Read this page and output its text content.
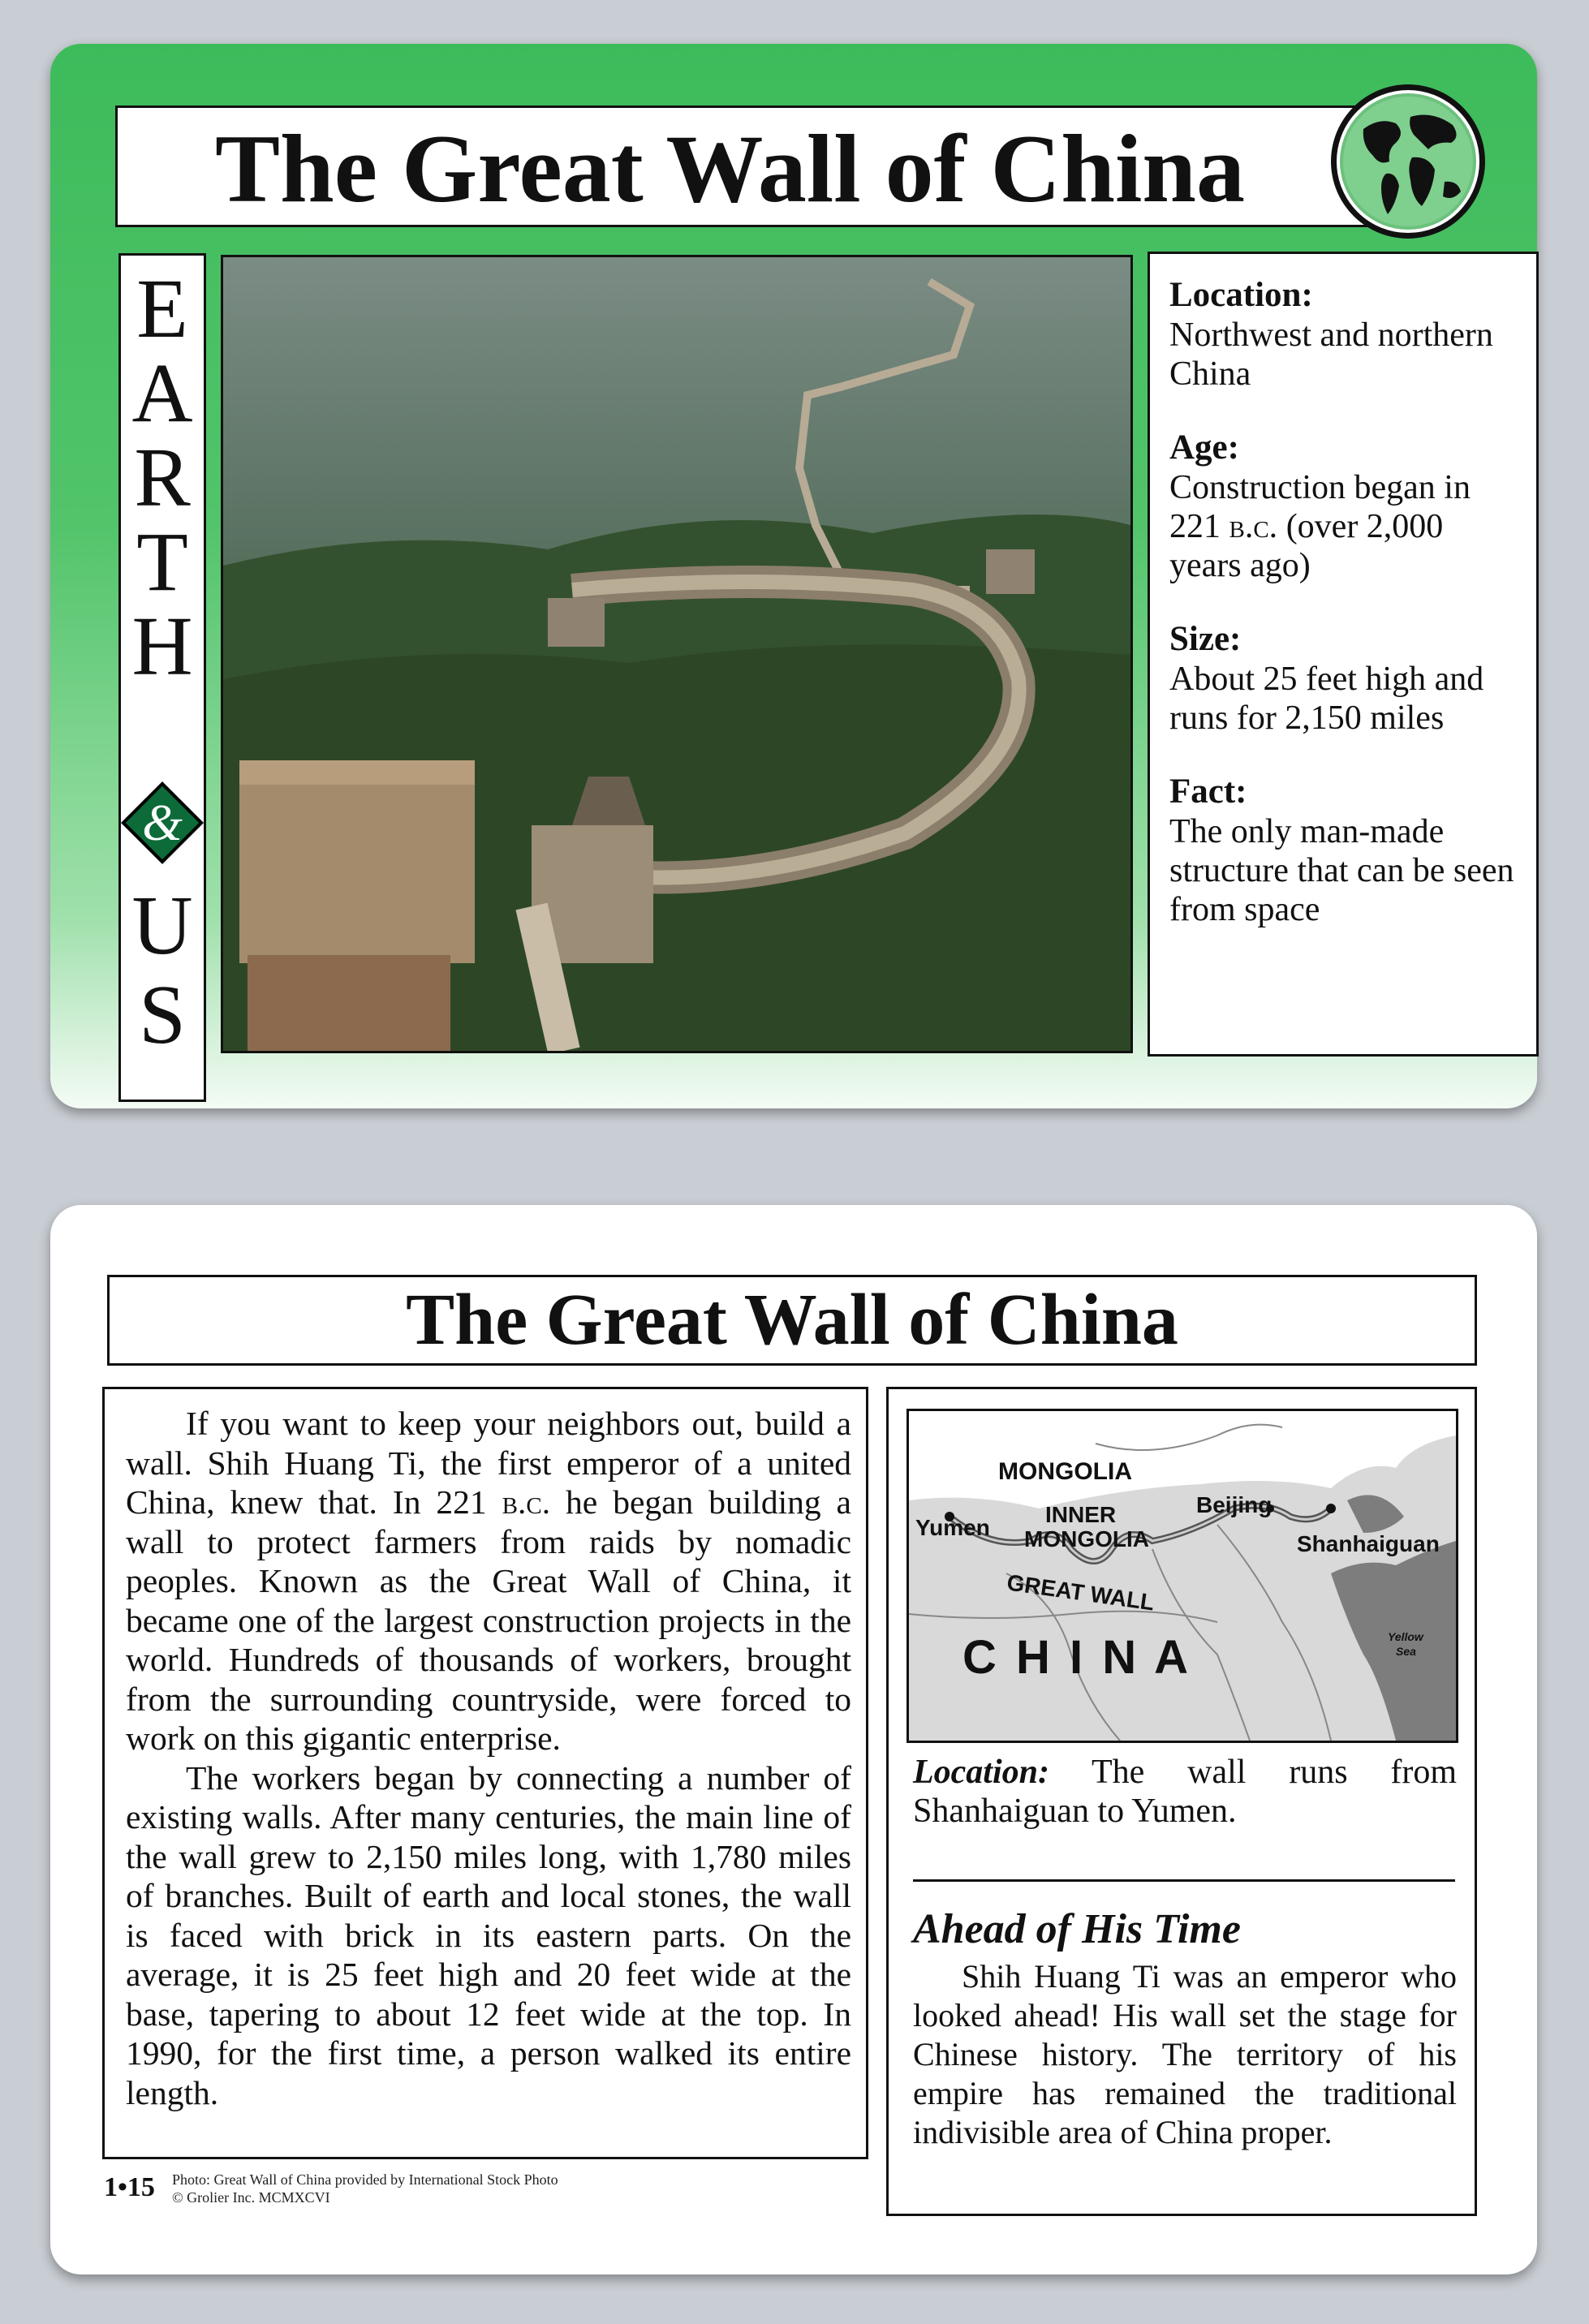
The Great Wall of China
E
A
R
T
H
&
U
S
Location:
Northwest and northern China
Age:
Construction began in 221 b.c. (over 2,000 years ago)
Size:
About 25 feet high and runs for 2,150 miles
Fact:
The only man-made structure that can be seen from space
The Great Wall of China

If you want to keep your neighbors out, build a wall. Shih Huang Ti, the first emperor of a united China, knew that. In 221 b.c. he began building a wall to protect farmers from raids by nomadic peoples. Known as the Great Wall of China, it became one of the largest construction projects in the world. Hundreds of thousands of workers, brought from the surrounding countryside, were forced to work on this gigantic enterprise.

The workers began by connecting a number of existing walls. After many centuries, the main line of the wall grew to 2,150 miles long, with 1,780 miles of branches. Built of earth and local stones, the wall is faced with brick in its eastern parts. On the average, it is 25 feet high and 20 feet wide at the base, tapering to about 12 feet wide at the top. In 1990, for the first time, a person walked its entire length.

1•15 Photo: Great Wall of China provided by International Stock Photo
© Grolier Inc. MCMXCVI
MONGOLIA
INNER
MONGOLIA
Yumen
Beijing
Shanhaiguan
GREAT WALL
C H I N A	Yellow
Sea
Location: The wall runs from Shanhaiguan to Yumen.
Ahead of His Time
Shih Huang Ti was an emperor who looked ahead! His wall set the stage for Chinese history. The territory of his empire has remained the traditional indivisible area of China proper.
